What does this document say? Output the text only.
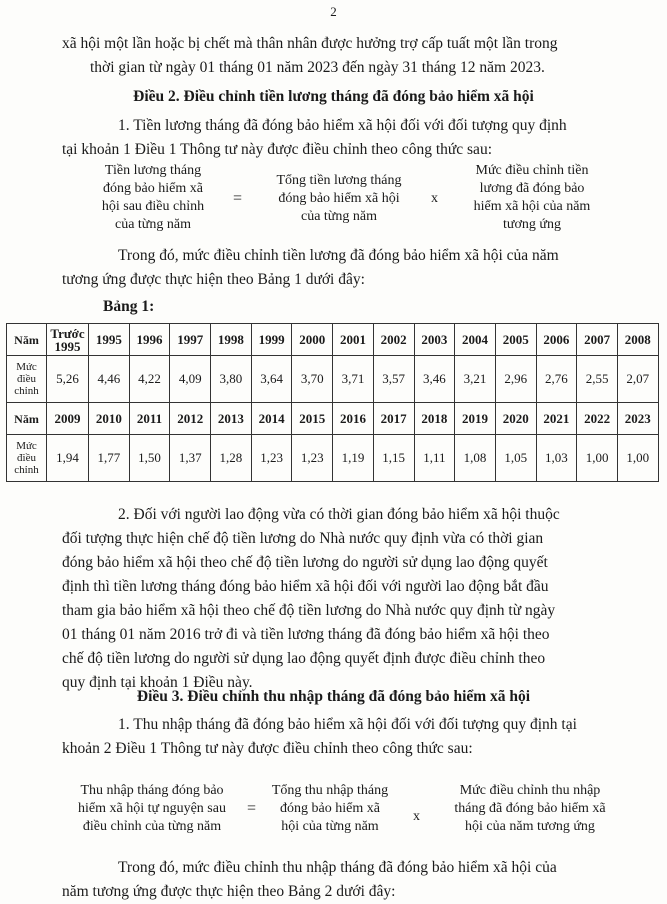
2
xã hội một lần hoặc bị chết mà thân nhân được hưởng trợ cấp tuất một lần trong
thời gian từ ngày 01 tháng 01 năm 2023 đến ngày 31 tháng 12 năm 2023.
Điều 2. Điều chỉnh tiền lương tháng đã đóng bảo hiểm xã hội
1. Tiền lương tháng đã đóng bảo hiểm xã hội đối với đối tượng quy định
tại khoản 1 Điều 1 Thông tư này được điều chỉnh theo công thức sau:
Tiền lương tháng
đóng bảo hiểm xã
hội sau điều chỉnh
của từng năm
=
Tổng tiền lương tháng
đóng bảo hiểm xã hội
của từng năm
x
Mức điều chỉnh tiền
lương đã đóng bảo
hiểm xã hội của năm
tương ứng
Trong đó, mức điều chỉnh tiền lương đã đóng bảo hiểm xã hội của năm
tương ứng được thực hiện theo Bảng 1 dưới đây:
Bảng 1:
Năm	Trước 1995	1995	1996	1997	1998	1999	2000	2001	2002	2003	2004	2005	2006	2007	2008

Mức
điều
chỉnh	5,26	4,46	4,22	4,09	3,80	3,64	3,70	3,71	3,57	3,46	3,21	2,96	2,76	2,55	2,07
Năm	2009	2010	2011	2012	2013	2014	2015	2016	2017	2018	2019	2020	2021	2022	2023

Mức
điều
chỉnh	1,94	1,77	1,50	1,37	1,28	1,23	1,23	1,19	1,15	1,11	1,08	1,05	1,03	1,00	1,00
2. Đối với người lao động vừa có thời gian đóng bảo hiểm xã hội thuộc
đối tượng thực hiện chế độ tiền lương do Nhà nước quy định vừa có thời gian
đóng bảo hiểm xã hội theo chế độ tiền lương do người sử dụng lao động quyết
định thì tiền lương tháng đóng bảo hiểm xã hội đối với người lao động bắt đầu
tham gia bảo hiểm xã hội theo chế độ tiền lương do Nhà nước quy định từ ngày
01 tháng 01 năm 2016 trở đi và tiền lương tháng đã đóng bảo hiểm xã hội theo
chế độ tiền lương do người sử dụng lao động quyết định được điều chỉnh theo
quy định tại khoản 1 Điều này.
Điều 3. Điều chỉnh thu nhập tháng đã đóng bảo hiểm xã hội
1. Thu nhập tháng đã đóng bảo hiểm xã hội đối với đối tượng quy định tại
khoản 2 Điều 1 Thông tư này được điều chỉnh theo công thức sau:
Thu nhập tháng đóng bảo
hiểm xã hội tự nguyện sau
điều chỉnh của từng năm
=
Tổng thu nhập tháng
đóng bảo hiểm xã
hội của từng năm
x
Mức điều chỉnh thu nhập
tháng đã đóng bảo hiểm xã
hội của năm tương ứng
Trong đó, mức điều chỉnh thu nhập tháng đã đóng bảo hiểm xã hội của
năm tương ứng được thực hiện theo Bảng 2 dưới đây:
